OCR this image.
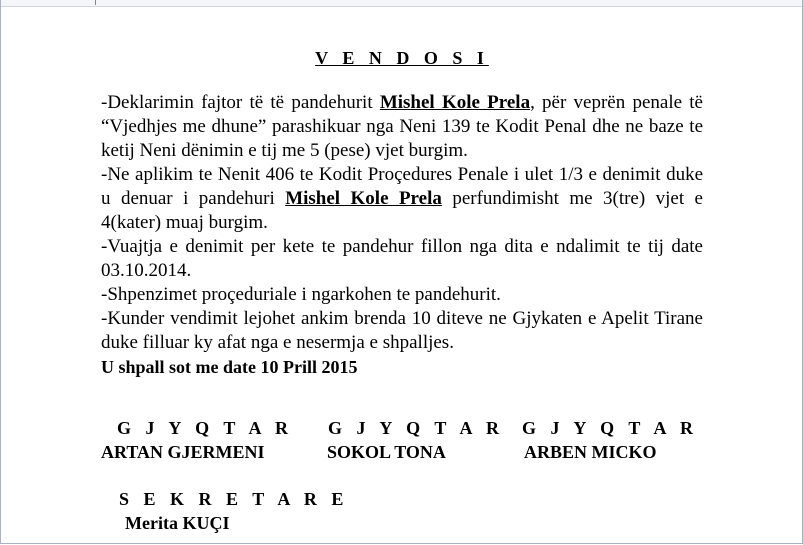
V E N D O S I

-Deklarimin fajtor të të pandehurit Mishel Kole Prela, për veprën penale të “Vjedhjes me dhune” parashikuar nga Neni 139 te Kodit Penal dhe ne baze te ketij Neni dënimin e tij me 5 (pese) vjet burgim.

-Ne aplikim te Nenit 406 te Kodit Proçedures Penale i ulet 1/3 e denimit duke u denuar i pandehuri Mishel Kole Prela perfundimisht me 3(tre) vjet e 4(kater) muaj burgim.

-Vuajtja e denimit per kete te pandehur fillon nga dita e ndalimit te tij date 03.10.2014.

-Shpenzimet proçeduriale i ngarkohen te pandehurit.

-Kunder vendimit lejohet ankim brenda 10 diteve ne Gjykaten e Apelit Tirane duke filluar ky afat nga e nesermja e shpalljes.

U shpall sot me date 10 Prill 2015

G J Y Q T A R
ARTAN GJERMENI
G J Y Q T A R
SOKOL TONA
G J Y Q T A R
ARBEN MICKO
S E K R E T A R E
Merita KUÇI
